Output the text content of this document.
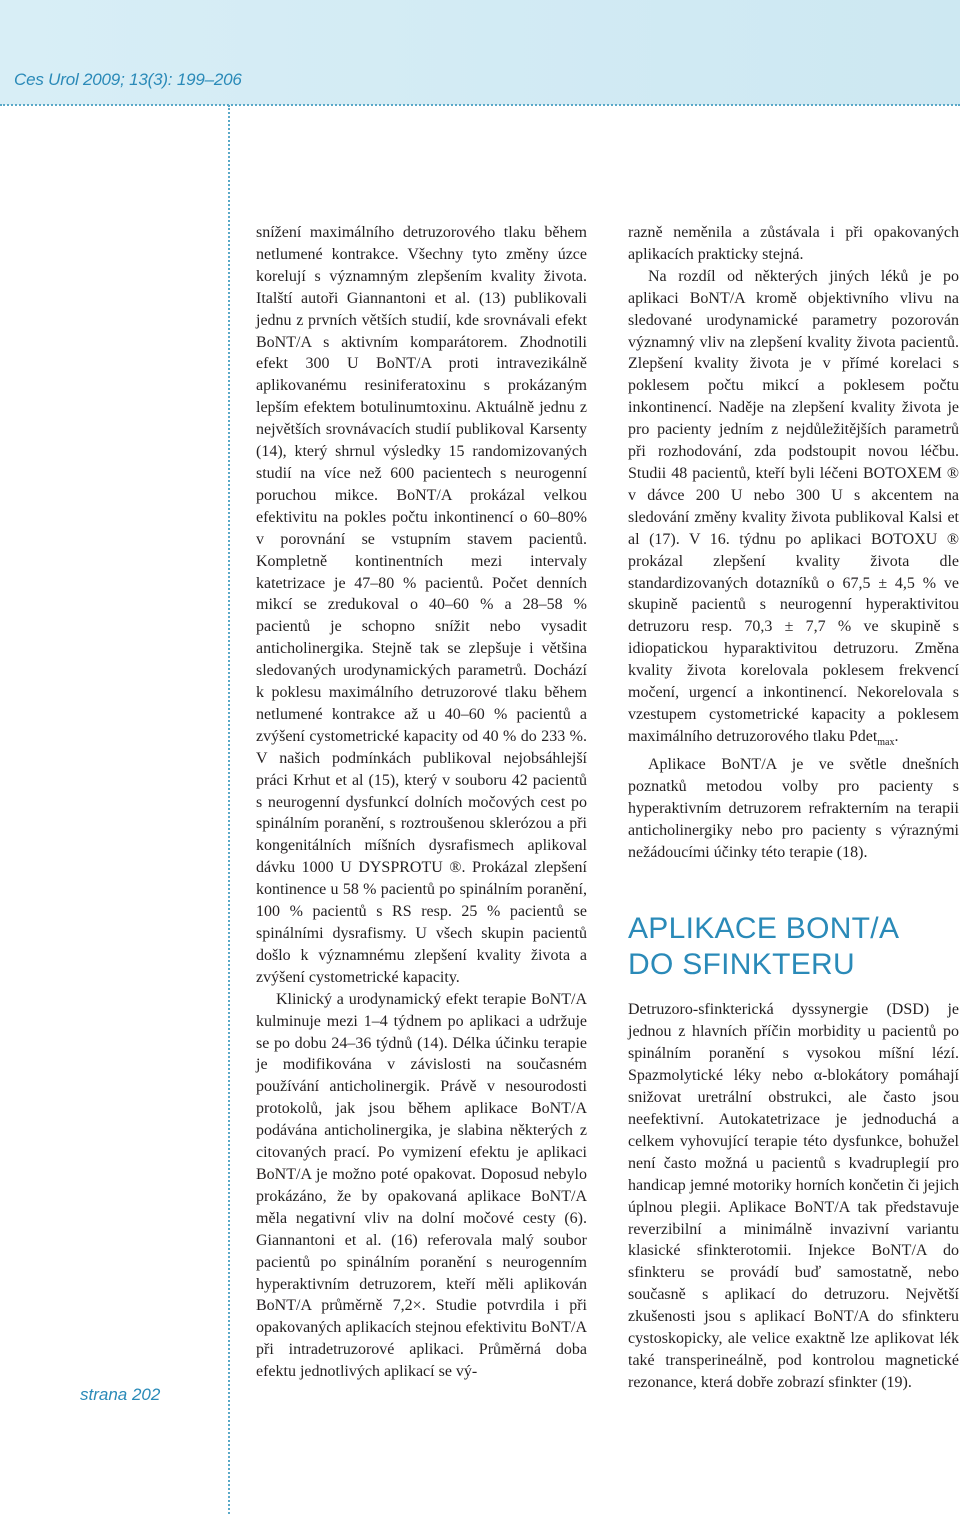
Ces Urol 2009; 13(3): 199–206
strana 202

snížení maximálního detruzorového tlaku během netlumené kontrakce. Všechny tyto změny úzce korelují s významným zlepšením kvality života. Italští autoři Giannantoni et al. (13) publikovali jednu z prvních větších studií, kde srovnávali efekt BoNT/A s aktivním komparátorem. Zhodnotili efekt 300 U BoNT/A proti intravezikálně aplikovanému resiniferatoxinu s prokázaným lepším efektem botulinumtoxinu. Aktuálně jednu z největších srovnávacích studií publikoval Karsenty (14), který shrnul výsledky 15 randomizovaných studií na více než 600 pacientech s neurogenní poruchou mikce. BoNT/A prokázal velkou efektivitu na pokles počtu inkontinencí o 60–80% v porovnání se vstupním stavem pacientů. Kompletně kontinentních mezi intervaly katetrizace je 47–80 % pacientů. Počet denních mikcí se zredukoval o 40–60 % a 28–58 % pacientů je schopno snížit nebo vysadit anticholinergika. Stejně tak se zlepšuje i většina sledovaných urodynamických parametrů. Dochází k poklesu maximálního detruzorové tlaku během netlumené kontrakce až u 40–60 % pacientů a zvýšení cystometrické kapacity od 40 % do 233 %. V našich podmínkách publikoval nejobsáhlejší práci Krhut et al (15), který v souboru 42 pacientů s neurogenní dysfunkcí dolních močových cest po spinálním poranění, s roztroušenou sklerózou a při kongenitálních míšních dysrafismech aplikoval dávku 1000 U DYSPROTU ®. Prokázal zlepšení kontinence u 58 % pacientů po spinálním poranění, 100 % pacientů s RS resp. 25 % pacientů se spinálními dysrafismy. U všech skupin pacientů došlo k významnému zlepšení kvality života a zvýšení cystometrické kapacity.

Klinický a urodynamický efekt terapie BoNT/A kulminuje mezi 1–4 týdnem po aplikaci a udržuje se po dobu 24–36 týdnů (14). Délka účinku terapie je modifikována v závislosti na současném používání anticholinergik. Právě v nesourodosti protokolů, jak jsou během aplikace BoNT/A podávána anticholinergika, je slabina některých z citovaných prací. Po vymizení efektu je aplikaci BoNT/A je možno poté opakovat. Doposud nebylo prokázáno, že by opakovaná aplikace BoNT/A měla negativní vliv na dolní močové cesty (6). Giannantoni et al. (16) referovala malý soubor pacientů po spinálním poranění s neurogenním hyperaktivním detruzorem, kteří měli aplikován BoNT/A průměrně 7,2×. Studie potvrdila i při opakovaných aplikacích stejnou efektivitu BoNT/A při intradetruzorové aplikaci. Průměrná doba efektu jednotlivých aplikací se vý-

razně neměnila a zůstávala i při opakovaných aplikacích prakticky stejná.

Na rozdíl od některých jiných léků je po aplikaci BoNT/A kromě objektivního vlivu na sledované urodynamické parametry pozorován významný vliv na zlepšení kvality života pacientů. Zlepšení kvality života je v přímé korelaci s poklesem počtu mikcí a poklesem počtu inkontinencí. Naděje na zlepšení kvality života je pro pacienty jedním z nejdůležitějších parametrů při rozhodování, zda podstoupit novou léčbu. Studii 48 pacientů, kteří byli léčeni BOTOXEM ® v dávce 200 U nebo 300 U s akcentem na sledování změny kvality života publikoval Kalsi et al (17). V 16. týdnu po aplikaci BOTOXU ® prokázal zlepšení kvality života dle standardizovaných dotazníků o 67,5 ± 4,5 % ve skupině pacientů s neurogenní hyperaktivitou detruzoru resp. 70,3 ± 7,7 % ve skupině s idiopatickou hyparaktivitou detruzoru. Změna kvality života korelovala poklesem frekvencí močení, urgencí a inkontinencí. Nekorelovala s vzestupem cystometrické kapacity a poklesem maximálního detruzorového tlaku Pdet$_{max}$.

Aplikace BoNT/A je ve světle dnešních poznatků metodou volby pro pacienty s hyperaktivním detruzorem refrakterním na terapii anticholinergiky nebo pro pacienty s výraznými nežádoucími účinky této terapie (18).

APLIKACE BONT/A
DO SFINKTERU

Detruzoro-sfinkterická dyssynergie (DSD) je jednou z hlavních příčin morbidity u pacientů po spinálním poranění s vysokou míšní lézí. Spazmolytické léky nebo α-blokátory pomáhají snižovat uretrální obstrukci, ale často jsou neefektivní. Autokatetrizace je jednoduchá a celkem vyhovující terapie této dysfunkce, bohužel není často možná u pacientů s kvadruplegií pro handicap jemné motoriky horních končetin či jejich úplnou plegii. Aplikace BoNT/A tak představuje reverzibilní a minimálně invazivní variantu klasické sfinkterotomii. Injekce BoNT/A do sfinkteru se provádí buď samostatně, nebo současně s aplikací do detruzoru. Největší zkušenosti jsou s aplikací BoNT/A do sfinkteru cystoskopicky, ale velice exaktně lze aplikovat lék také transperineálně, pod kontrolou magnetické rezonance, která dobře zobrazí sfinkter (19).
